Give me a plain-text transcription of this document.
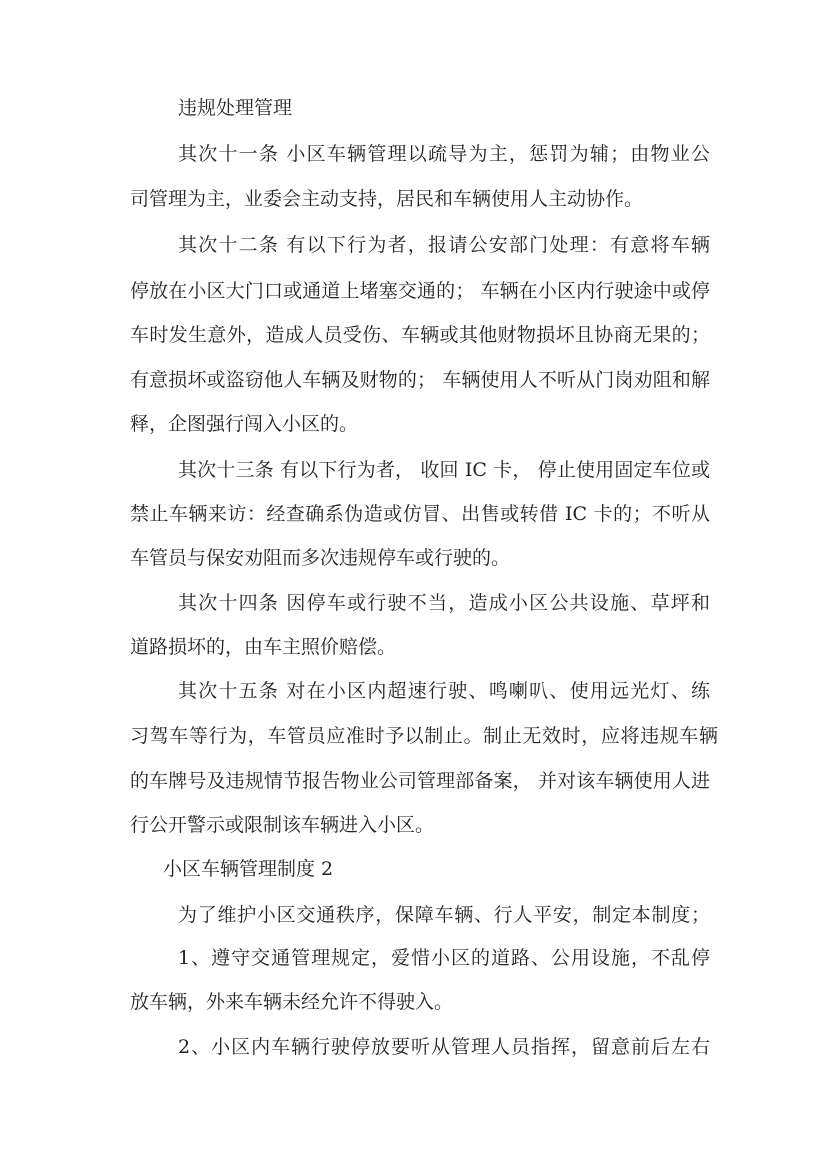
违规处理管理
其次十一条 小区车辆管理以疏导为主，惩罚为辅；由物业公
司管理为主，业委会主动支持，居民和车辆使用人主动协作。
其次十二条 有以下行为者，报请公安部门处理：有意将车辆
停放在小区大门口或通道上堵塞交通的； 车辆在小区内行驶途中或停
车时发生意外，造成人员受伤、车辆或其他财物损坏且协商无果的；
有意损坏或盗窃他人车辆及财物的； 车辆使用人不听从门岗劝阻和解
释，企图强行闯入小区的。
其次十三条 有以下行为者， 收回 IC 卡， 停止使用固定车位或
禁止车辆来访：经查确系伪造或仿冒、出售或转借 IC 卡的；不听从
车管员与保安劝阻而多次违规停车或行驶的。
其次十四条 因停车或行驶不当，造成小区公共设施、草坪和
道路损坏的，由车主照价赔偿。
其次十五条 对在小区内超速行驶、鸣喇叭、使用远光灯、练
习驾车等行为，车管员应准时予以制止。制止无效时，应将违规车辆
的车牌号及违规情节报告物业公司管理部备案， 并对该车辆使用人进
行公开警示或限制该车辆进入小区。
小区车辆管理制度 2
为了维护小区交通秩序，保障车辆、行人平安，制定本制度；
1、遵守交通管理规定，爱惜小区的道路、公用设施，不乱停
放车辆，外来车辆未经允许不得驶入。
2、小区内车辆行驶停放要听从管理人员指挥，留意前后左右
